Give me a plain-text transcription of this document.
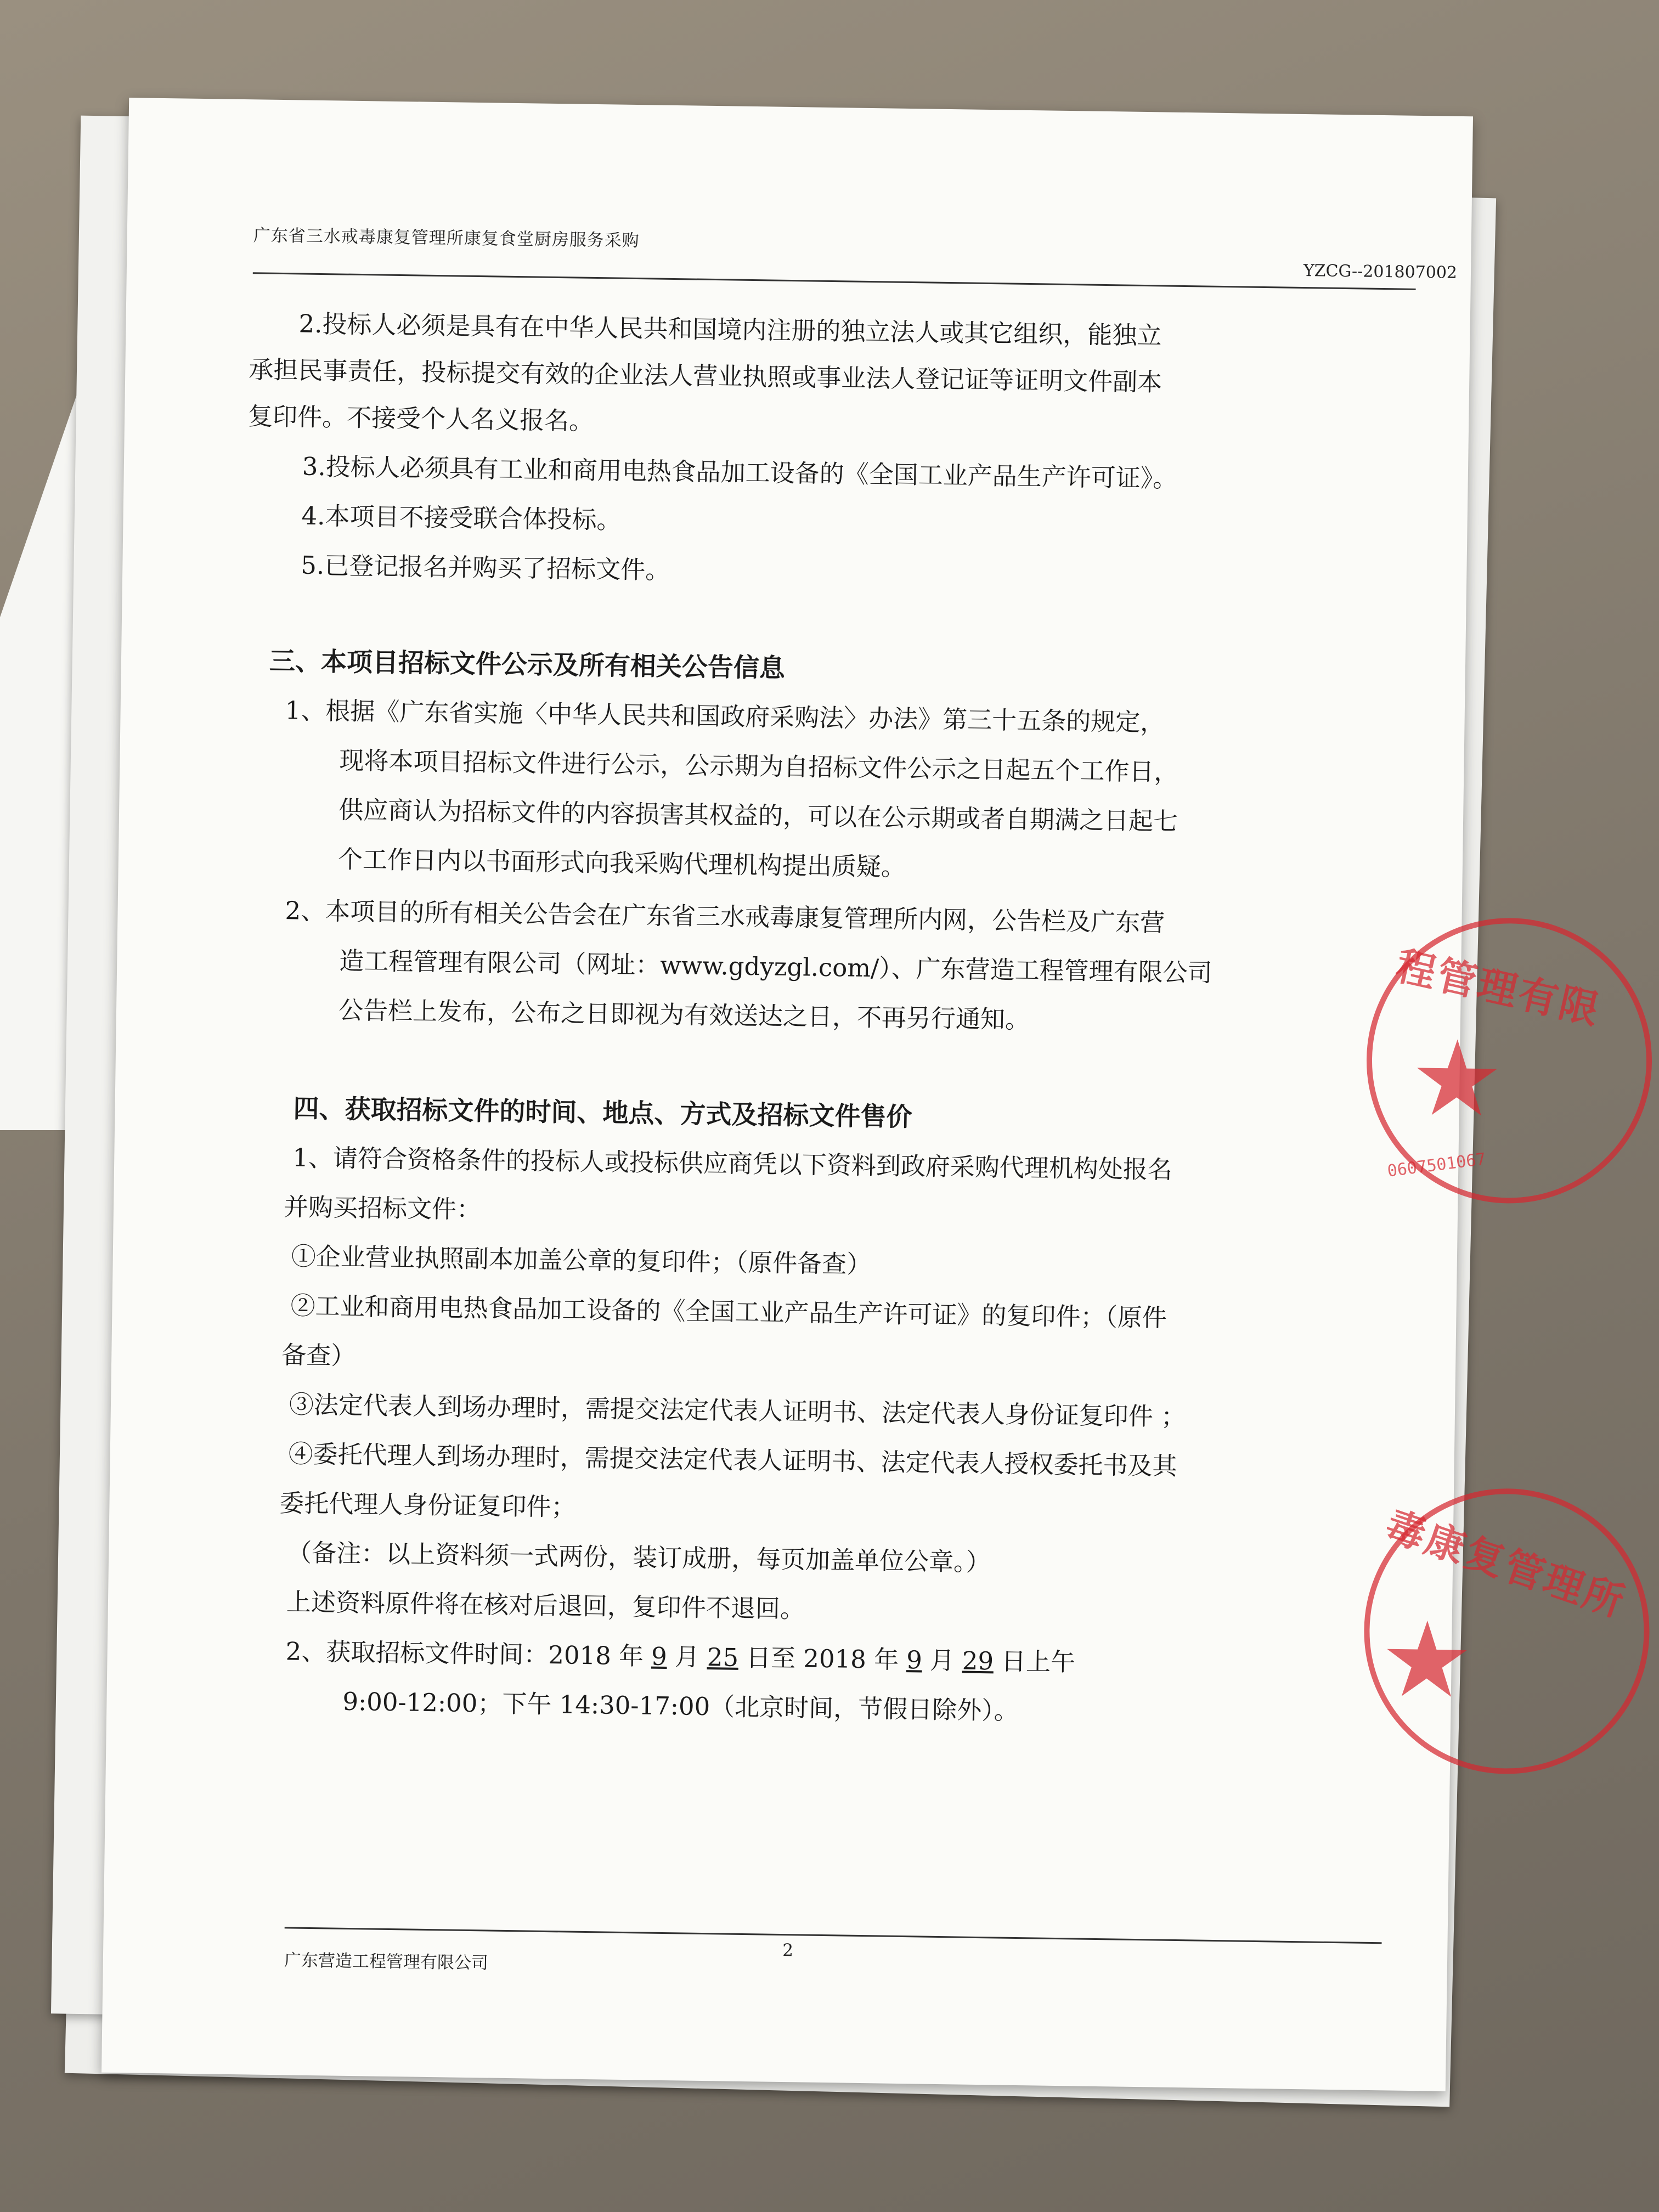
广东省三水戒毒康复管理所康复食堂厨房服务采购
YZCG--201807002
2.投标人必须是具有在中华人民共和国境内注册的独立法人或其它组织，能独立
承担民事责任，投标提交有效的企业法人营业执照或事业法人登记证等证明文件副本
复印件。不接受个人名义报名。
3.投标人必须具有工业和商用电热食品加工设备的《全国工业产品生产许可证》。
4.本项目不接受联合体投标。
5.已登记报名并购买了招标文件。
三、本项目招标文件公示及所有相关公告信息
1、根据《广东省实施〈中华人民共和国政府采购法〉办法》第三十五条的规定，
现将本项目招标文件进行公示，公示期为自招标文件公示之日起五个工作日，
供应商认为招标文件的内容损害其权益的，可以在公示期或者自期满之日起七
个工作日内以书面形式向我采购代理机构提出质疑。
2、本项目的所有相关公告会在广东省三水戒毒康复管理所内网，公告栏及广东营
造工程管理有限公司（网址：www.gdyzgl.com/）、广东营造工程管理有限公司
公告栏上发布，公布之日即视为有效送达之日，不再另行通知。
四、获取招标文件的时间、地点、方式及招标文件售价
1、请符合资格条件的投标人或投标供应商凭以下资料到政府采购代理机构处报名
并购买招标文件：
①企业营业执照副本加盖公章的复印件；（原件备查）
②工业和商用电热食品加工设备的《全国工业产品生产许可证》的复印件；（原件
备查）
③法定代表人到场办理时，需提交法定代表人证明书、法定代表人身份证复印件 ；
④委托代理人到场办理时，需提交法定代表人证明书、法定代表人授权委托书及其
委托代理人身份证复印件；
（备注：以上资料须一式两份，装订成册，每页加盖单位公章。）
上述资料原件将在核对后退回，复印件不退回。
2、获取招标文件时间：2018 年 9 月 25 日至 2018 年 9 月 29 日上午
9:00-12:00；下午 14:30-17:00（北京时间，节假日除外）。
2
广东营造工程管理有限公司
程管理有限
★
0607501067
毒康复管理所
★
